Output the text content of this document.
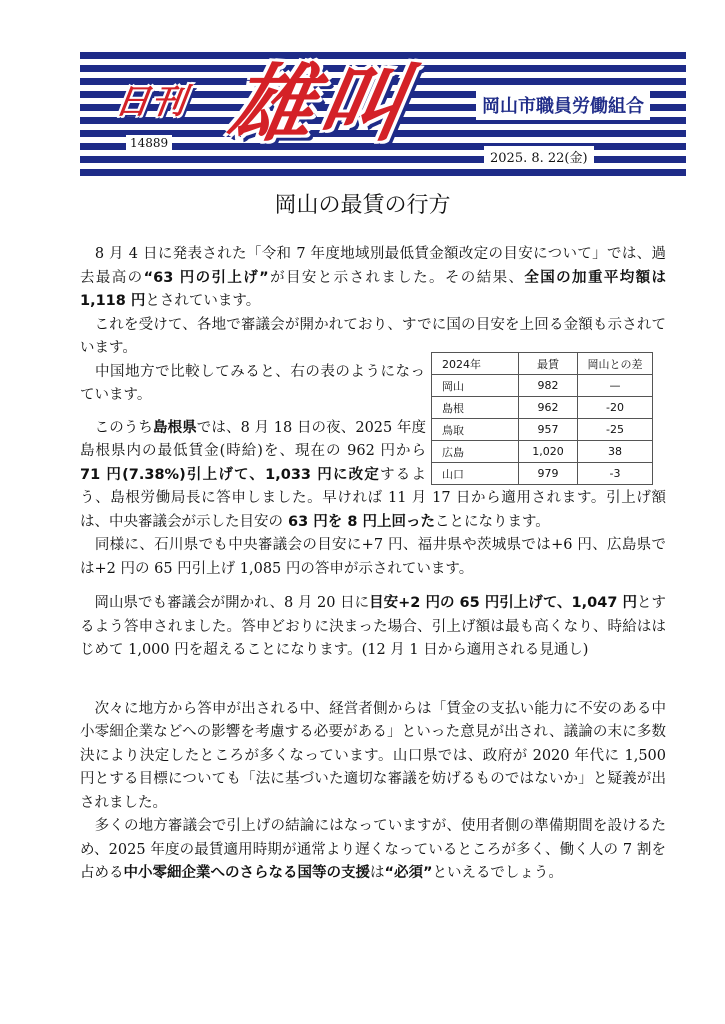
日刊 雄叫	岡山市職員労働組合
14889
2025. 8. 22(金)
岡山の最賃の行方
2024年	最賃	岡山との差
岡山	982	—
島根	962	-20
鳥取	957	-25
広島	1,020	38
山口	979	-3

　8 月 4 日に発表された「令和 7 年度地域別最低賃金額改定の目安について」では、過去最高の“63 円の引上げ”が目安と示されました。その結果、全国の加重平均額は 1,118 円とされています。

　これを受けて、各地で審議会が開かれており、すでに国の目安を上回る金額も示されています。

　中国地方で比較してみると、右の表のようになっています。

　このうち島根県では、8 月 18 日の夜、2025 年度島根県内の最低賃金(時給)を、現在の 962 円から 71 円(7.38%)引上げて、1,033 円に改定するよう、島根労働局長に答申しました。早ければ 11 月 17 日から適用されます。引上げ額は、中央審議会が示した目安の 63 円を 8 円上回ったことになります。

　同様に、石川県でも中央審議会の目安に+7 円、福井県や茨城県では+6 円、広島県では+2 円の 65 円引上げ 1,085 円の答申が示されています。

　岡山県でも審議会が開かれ、8 月 20 日に目安+2 円の 65 円引上げて、1,047 円とするよう答申されました。答申どおりに決まった場合、引上げ額は最も高くなり、時給ははじめて 1,000 円を超えることになります。(12 月 1 日から適用される見通し)

　次々に地方から答申が出される中、経営者側からは「賃金の支払い能力に不安のある中小零細企業などへの影響を考慮する必要がある」といった意見が出され、議論の末に多数決により決定したところが多くなっています。山口県では、政府が 2020 年代に 1,500 円とする目標についても「法に基づいた適切な審議を妨げるものではないか」と疑義が出されました。

　多くの地方審議会で引上げの結論にはなっていますが、使用者側の準備期間を設けるため、2025 年度の最賃適用時期が通常より遅くなっているところが多く、働く人の 7 割を占める中小零細企業へのさらなる国等の支援は“必須”といえるでしょう。
